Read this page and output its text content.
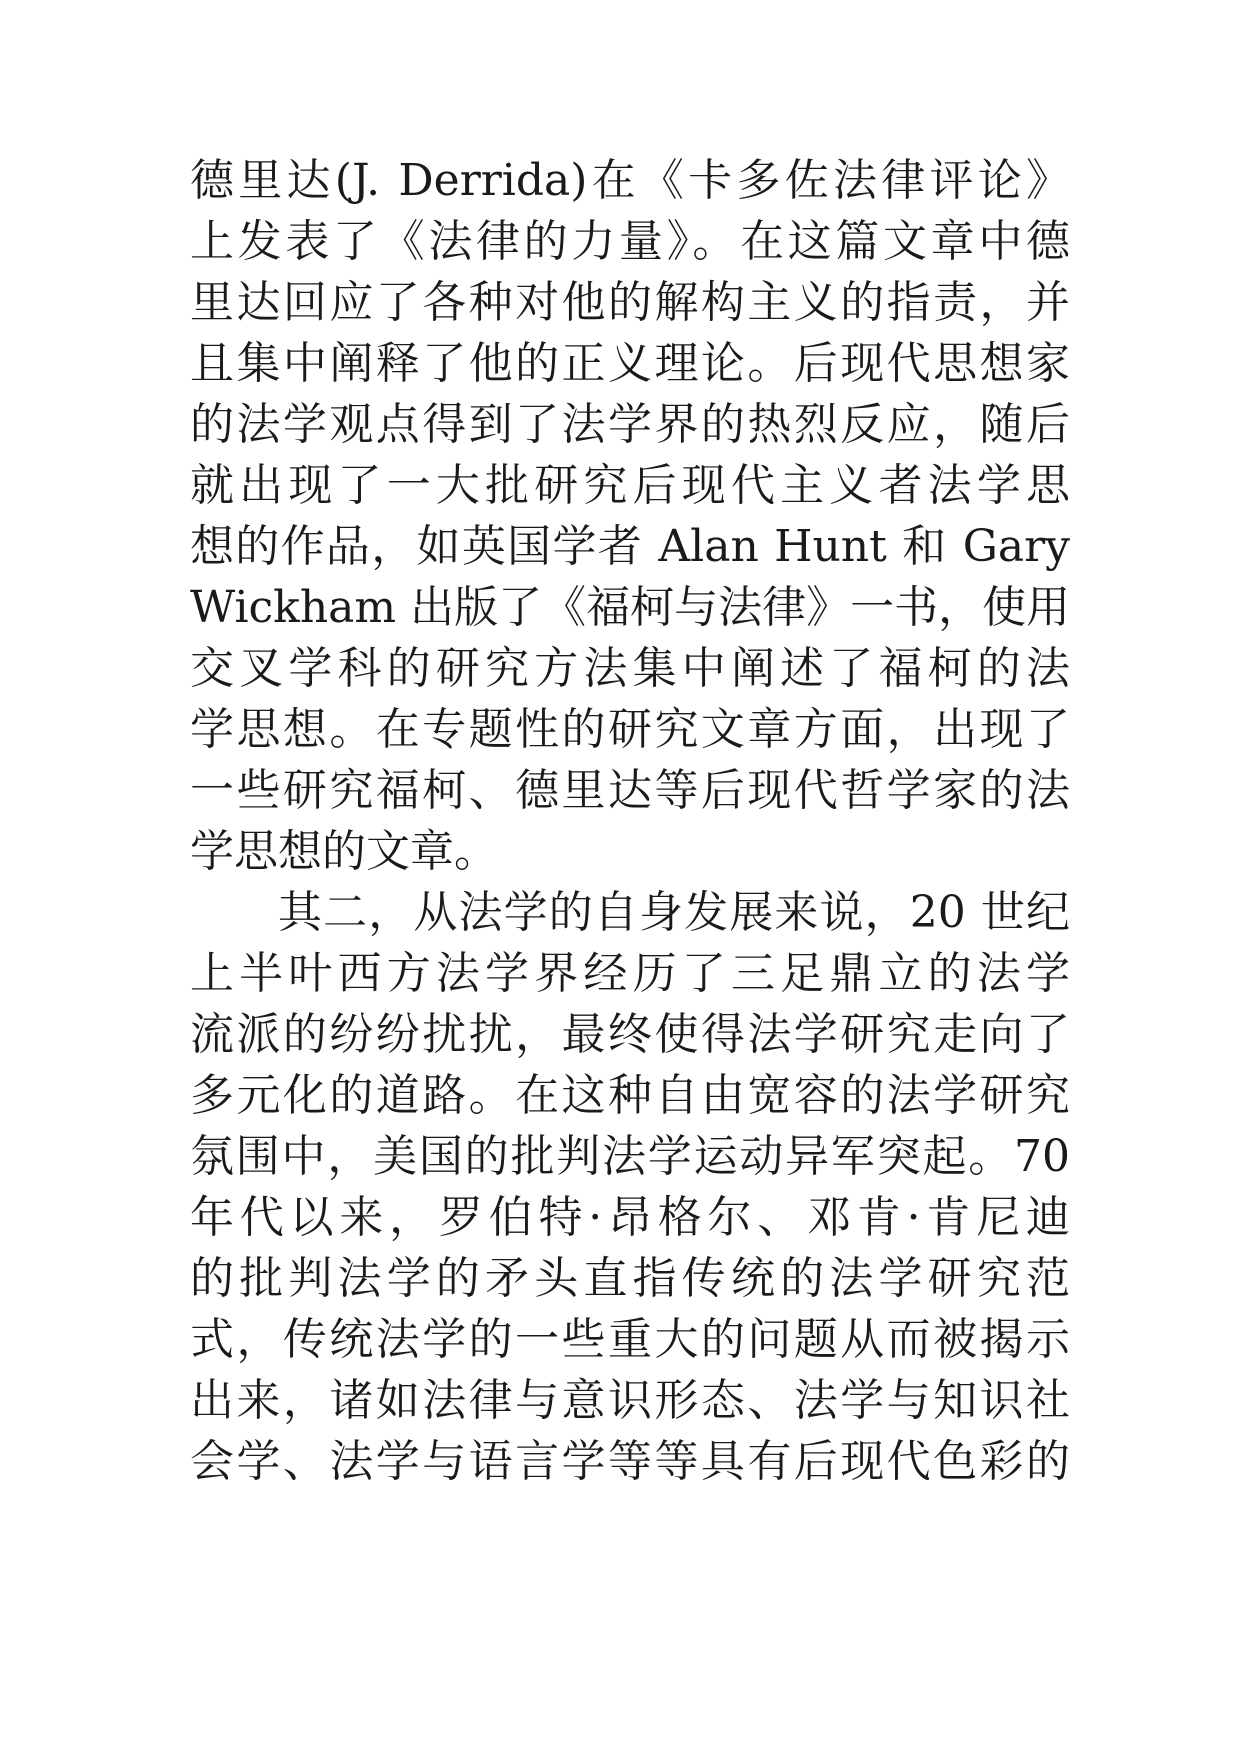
德里达(J. Derrida)在《卡多佐法律评论》
上发表了《法律的力量》。在这篇文章中德
里达回应了各种对他的解构主义的指责，并
且集中阐释了他的正义理论。后现代思想家
的法学观点得到了法学界的热烈反应，随后
就出现了一大批研究后现代主义者法学思
想的作品，如英国学者 Alan Hunt 和 Gary
Wickham 出版了《福柯与法律》一书，使用
交叉学科的研究方法集中阐述了福柯的法
学思想。在专题性的研究文章方面，出现了
一些研究福柯、德里达等后现代哲学家的法
学思想的文章。
其二，从法学的自身发展来说，20 世纪
上半叶西方法学界经历了三足鼎立的法学
流派的纷纷扰扰，最终使得法学研究走向了
多元化的道路。在这种自由宽容的法学研究
氛围中，美国的批判法学运动异军突起。70
年代以来，罗伯特·昂格尔、邓肯·肯尼迪
的批判法学的矛头直指传统的法学研究范
式，传统法学的一些重大的问题从而被揭示
出来，诸如法律与意识形态、法学与知识社
会学、法学与语言学等等具有后现代色彩的
